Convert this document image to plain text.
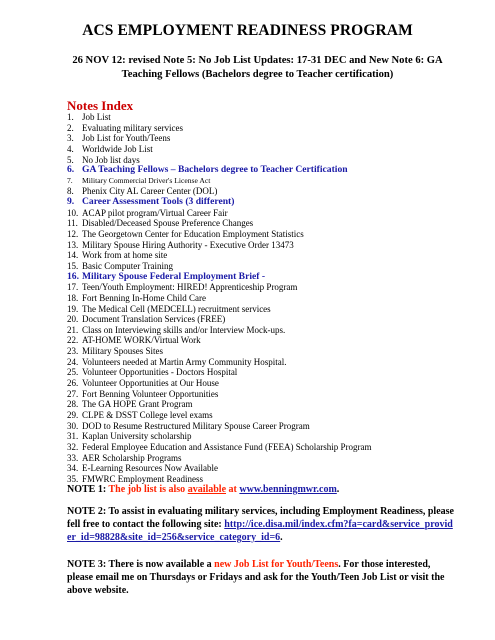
ACS EMPLOYMENT READINESS PROGRAM
26 NOV 12: revised Note 5: No Job List Updates: 17-31 DEC and New Note 6: GA Teaching Fellows (Bachelors degree to Teacher certification)
Notes Index
1. Job List
2. Evaluating military services
3. Job List for Youth/Teens
4. Worldwide Job List
5. No Job list days
6. GA Teaching Fellows – Bachelors degree to Teacher Certification
7.	Military Commercial Driver's License Act
8. Phenix City AL Career Center (DOL)
9. Career Assessment Tools (3 different)
10. ACAP pilot program/Virtual Career Fair
11. Disabled/Deceased Spouse Preference Changes
12. The Georgetown Center for Education Employment Statistics
13. Military Spouse Hiring Authority - Executive Order 13473
14. Work from at home site
15. Basic Computer Training
16. Military Spouse Federal Employment Brief -
17. Teen/Youth Employment: HIRED! Apprenticeship Program
18. Fort Benning In-Home Child Care
19. The Medical Cell (MEDCELL) recruitment services
20. Document Translation Services (FREE)
21. Class on Interviewing skills and/or Interview Mock-ups.
22. AT-HOME WORK/Virtual Work
23. Military Spouses Sites
24. Volunteers needed at Martin Army Community Hospital.
25. Volunteer Opportunities - Doctors Hospital
26. Volunteer Opportunities at Our House
27. Fort Benning Volunteer Opportunities
28. The GA HOPE Grant Program
29. CLPE & DSST College level exams
30. DOD to Resume Restructured Military Spouse Career Program
31. Kaplan University scholarship
32. Federal Employee Education and Assistance Fund (FEEA) Scholarship Program
33. AER Scholarship Programs
34. E-Learning Resources Now Available
35. FMWRC Employment Readiness
NOTE 1: The job list is also available at www.benningmwr.com.
NOTE 2: To assist in evaluating military services, including Employment Readiness, please fell free to contact the following site: http://ice.disa.mil/index.cfm?fa=card&service_provider_id=98828&site_id=256&service_category_id=6.
NOTE 3: There is now available a new Job List for Youth/Teens. For those interested, please email me on Thursdays or Fridays and ask for the Youth/Teen Job List or visit the above website.
